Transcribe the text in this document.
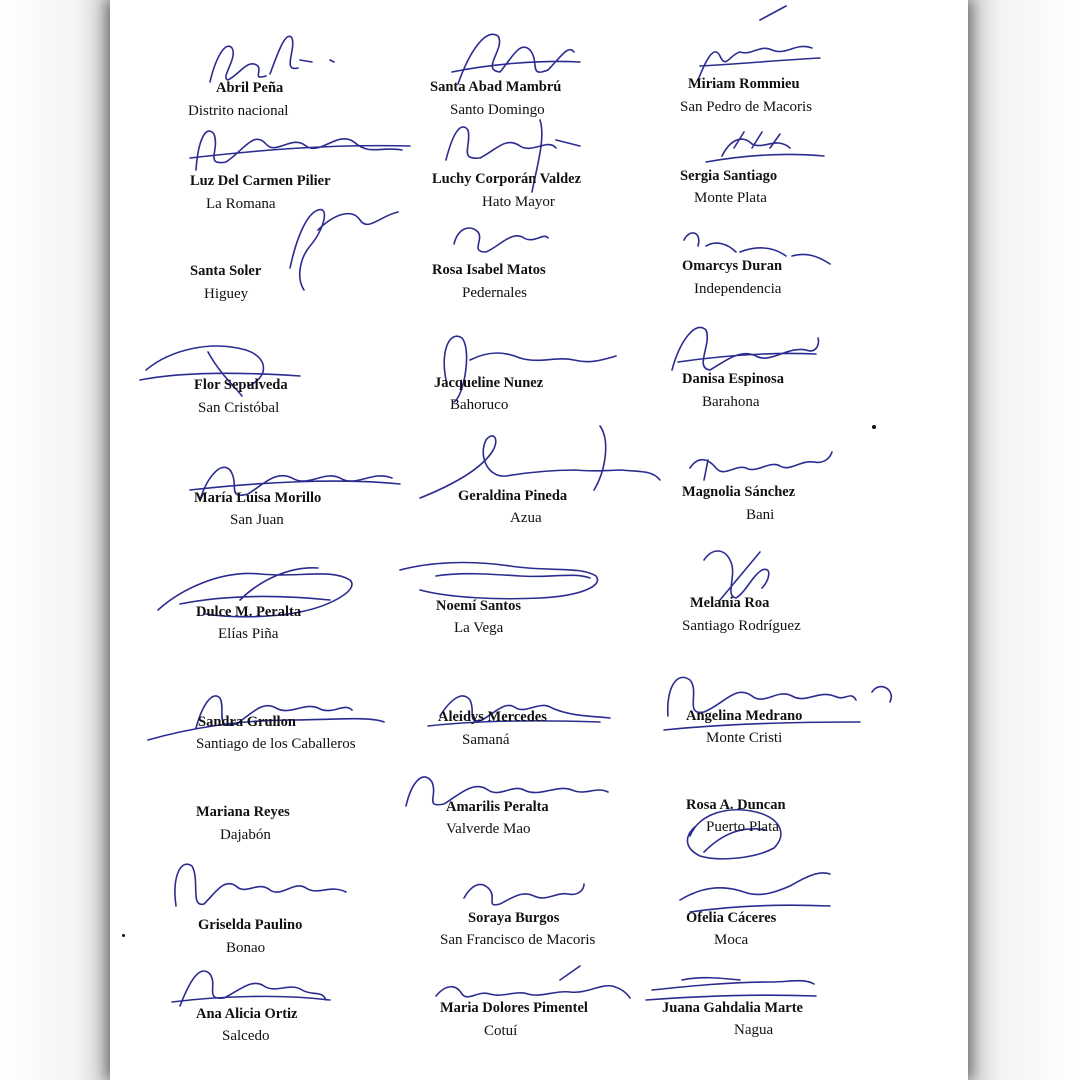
Abril Peña
Distrito nacional
Santa Abad Mambrú
Santo Domingo
Miriam Rommieu
San Pedro de Macoris
Luz Del Carmen Pilier
La Romana
Luchy Corporán Valdez
Hato Mayor
Sergia Santiago
Monte Plata
Santa Soler
Higuey
Rosa Isabel Matos
Pedernales
Omarcys Duran
Independencia
Flor Sepulveda
San Cristóbal
Jacqueline Nunez
Bahoruco
Danisa Espinosa
Barahona
María Luisa Morillo
San Juan
Geraldina Pineda
Azua
Magnolia Sánchez
Bani
Dulce M. Peralta
Elías Piña
Noemí Santos
La Vega
Melania Roa
Santiago Rodríguez
Sandra Grullon
Santiago de los Caballeros
Aleidys Mercedes
Samaná
Angelina Medrano
Monte Cristi
Mariana Reyes
Dajabón
Amarilis Peralta
Valverde Mao
Rosa A. Duncan
Puerto Plata
Griselda Paulino
Bonao
Soraya Burgos
San Francisco de Macoris
Ofelia Cáceres
Moca
Ana Alicia Ortiz
Salcedo
Maria Dolores Pimentel
Cotuí
Juana Gahdalia Marte
Nagua
